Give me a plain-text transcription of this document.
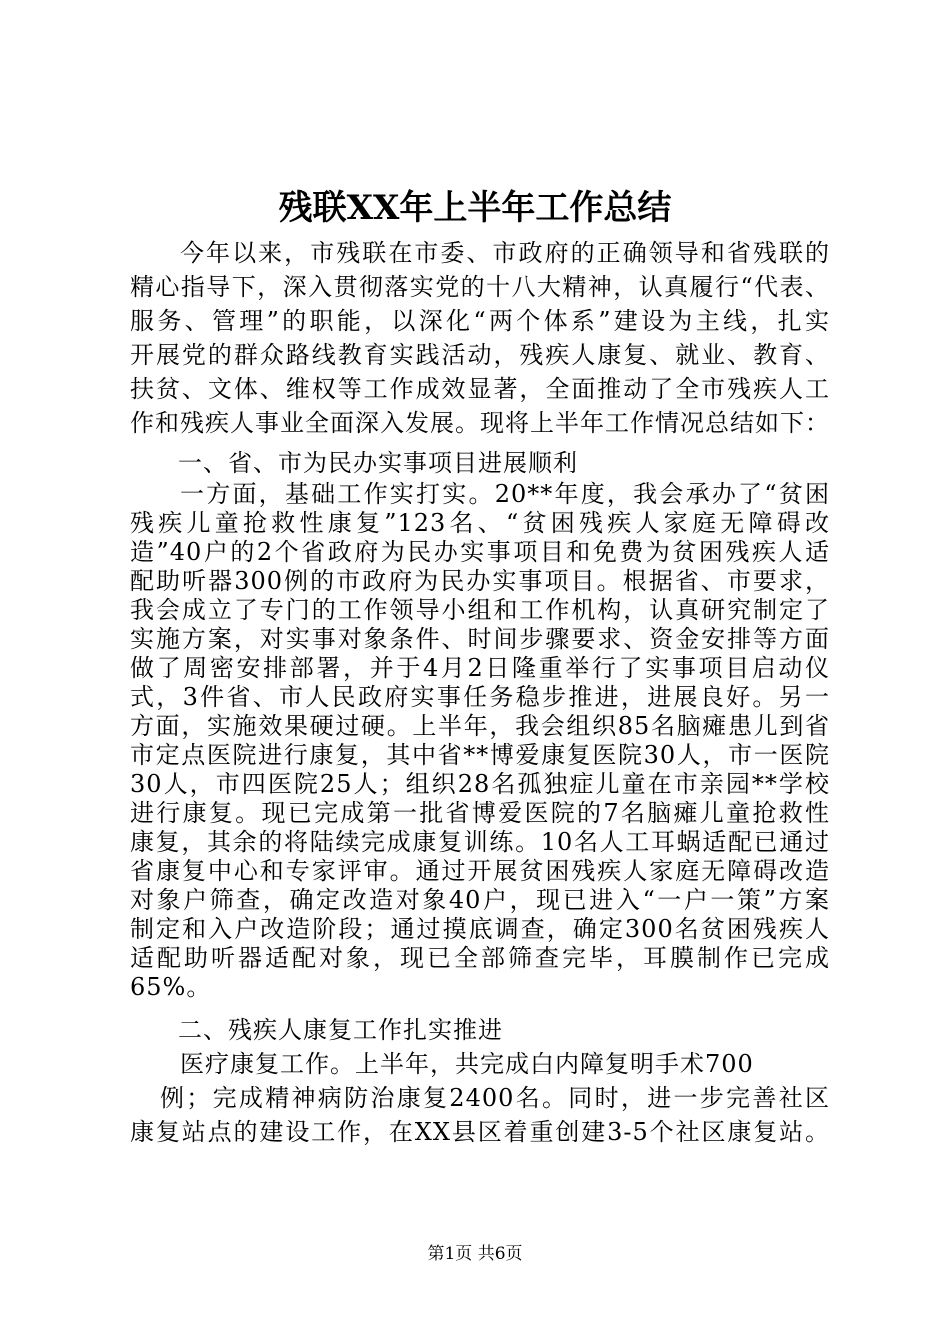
残联XX年上半年工作总结
今年以来，市残联在市委、市政府的正确领导和省残联的
精心指导下，深入贯彻落实党的十八大精神，认真履行“代表、
服务、管理”的职能，以深化“两个体系”建设为主线，扎实
开展党的群众路线教育实践活动，残疾人康复、就业、教育、
扶贫、文体、维权等工作成效显著，全面推动了全市残疾人工
作和残疾人事业全面深入发展。现将上半年工作情况总结如下：
一、省、市为民办实事项目进展顺利
一方面，基础工作实打实。20**年度，我会承办了“贫困
残疾儿童抢救性康复”123名、“贫困残疾人家庭无障碍改
造”40户的2个省政府为民办实事项目和免费为贫困残疾人适
配助听器300例的市政府为民办实事项目。根据省、市要求，
我会成立了专门的工作领导小组和工作机构，认真研究制定了
实施方案，对实事对象条件、时间步骤要求、资金安排等方面
做了周密安排部署，并于4月2日隆重举行了实事项目启动仪
式，3件省、市人民政府实事任务稳步推进，进展良好。另一
方面，实施效果硬过硬。上半年，我会组织85名脑瘫患儿到省
市定点医院进行康复，其中省**博爱康复医院30人，市一医院
30人，市四医院25人；组织28名孤独症儿童在市亲园**学校
进行康复。现已完成第一批省博爱医院的7名脑瘫儿童抢救性
康复，其余的将陆续完成康复训练。10名人工耳蜗适配已通过
省康复中心和专家评审。通过开展贫困残疾人家庭无障碍改造
对象户筛查，确定改造对象40户，现已进入“一户一策”方案
制定和入户改造阶段；通过摸底调查，确定300名贫困残疾人
适配助听器适配对象，现已全部筛查完毕，耳膜制作已完成
65%。
二、残疾人康复工作扎实推进
医疗康复工作。上半年，共完成白内障复明手术700
例；完成精神病防治康复2400名。同时，进一步完善社区
康复站点的建设工作，在XX县区着重创建3-5个社区康复站。
第1页 共6页
